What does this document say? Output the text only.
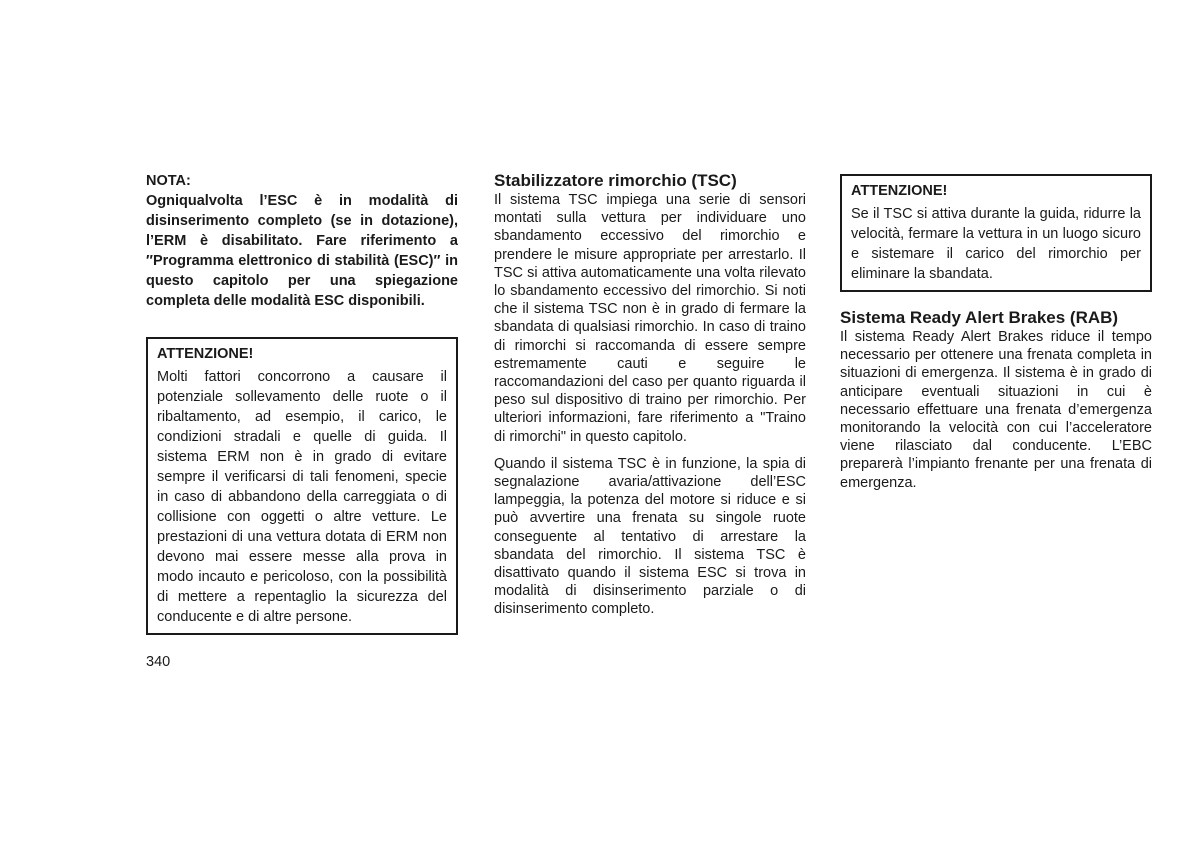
NOTA:

Ogniqualvolta l’ESC è in modalità di disinserimento completo (se in dotazione), l’ERM è disabilitato. Fare riferimento a ″Programma elettronico di stabilità (ESC)″ in questo capitolo per una spiegazione completa delle modalità ESC disponibili.

ATTENZIONE!

Molti fattori concorrono a causare il potenziale sollevamento delle ruote o il ribaltamento, ad esempio, il carico, le condizioni stradali e quelle di guida. Il sistema ERM non è in grado di evitare sempre il verificarsi di tali fenomeni, specie in caso di abbandono della carreggiata o di collisione con oggetti o altre vetture. Le prestazioni di una vettura dotata di ERM non devono mai essere messe alla prova in modo incauto e pericoloso, con la possibilità di mettere a repentaglio la sicurezza del conducente e di altre persone.

Stabilizzatore rimorchio (TSC)

Il sistema TSC impiega una serie di sensori montati sulla vettura per individuare uno sbandamento eccessivo del rimorchio e prendere le misure appropriate per arrestarlo. Il TSC si attiva automaticamente una volta rilevato lo sbandamento eccessivo del rimorchio. Si noti che il sistema TSC non è in grado di fermare la sbandata di qualsiasi rimorchio. In caso di traino di rimorchi si raccomanda di essere sempre estremamente cauti e seguire le raccomandazioni del caso per quanto riguarda il peso sul dispositivo di traino per rimorchio. Per ulteriori informazioni, fare riferimento a "Traino di rimorchi" in questo capitolo.

Quando il sistema TSC è in funzione, la spia di segnalazione avaria/attivazione dell’ESC lampeggia, la potenza del motore si riduce e si può avvertire una frenata su singole ruote conseguente al tentativo di arrestare la sbandata del rimorchio. Il sistema TSC è disattivato quando il sistema ESC si trova in modalità di disinserimento parziale o di disinserimento completo.

ATTENZIONE!

Se il TSC si attiva durante la guida, ridurre la velocità, fermare la vettura in un luogo sicuro e sistemare il carico del rimorchio per eliminare la sbandata.

Sistema Ready Alert Brakes (RAB)

Il sistema Ready Alert Brakes riduce il tempo necessario per ottenere una frenata completa in situazioni di emergenza. Il sistema è in grado di anticipare eventuali situazioni in cui è necessario effettuare una frenata d’emergenza monitorando la velocità con cui l’acceleratore viene rilasciato dal conducente. L’EBC preparerà l’impianto frenante per una frenata di emergenza.

340
